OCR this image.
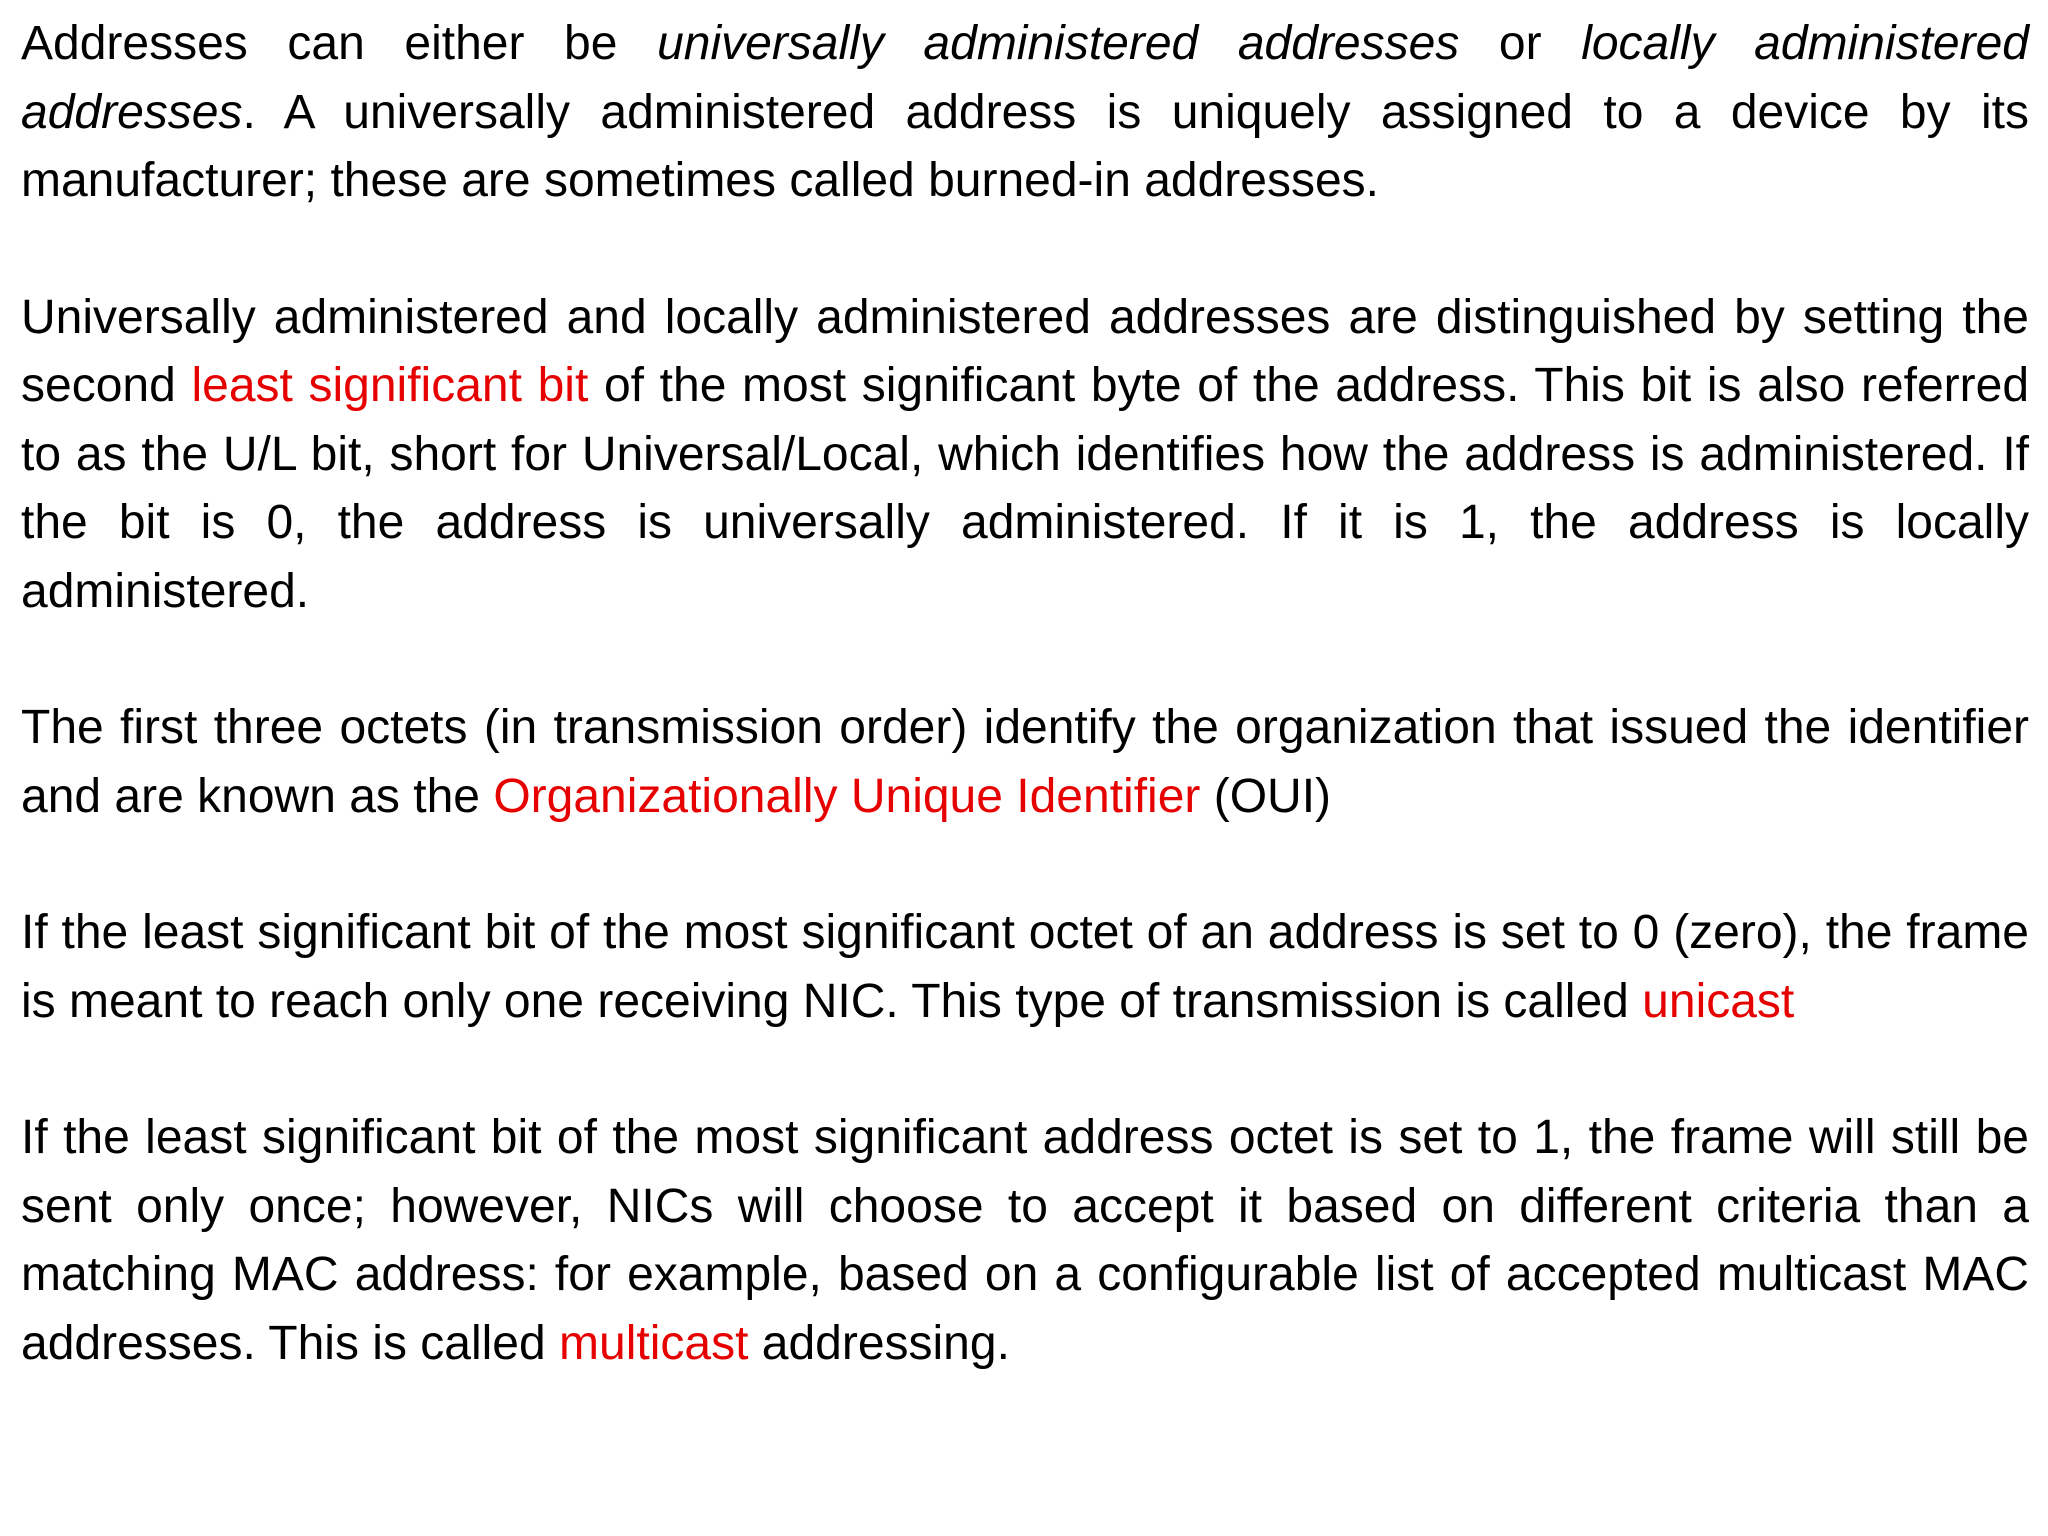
Addresses can either be universally administered addresses or locally administered addresses. A universally administered address is uniquely assigned to a device by its manufacturer; these are sometimes called burned-in addresses.

Universally administered and locally administered addresses are distinguished by setting the second least significant bit of the most significant byte of the address. This bit is also referred to as the U/L bit, short for Universal/Local, which identifies how the address is administered. If the bit is 0, the address is universally administered. If it is 1, the address is locally administered.

The first three octets (in transmission order) identify the organization that issued the identifier and are known as the Organizationally Unique Identifier (OUI)

If the least significant bit of the most significant octet of an address is set to 0 (zero), the frame is meant to reach only one receiving NIC. This type of transmission is called unicast

If the least significant bit of the most significant address octet is set to 1, the frame will still be sent only once; however, NICs will choose to accept it based on different criteria than a matching MAC address: for example, based on a configurable list of accepted multicast MAC addresses. This is called multicast addressing.
